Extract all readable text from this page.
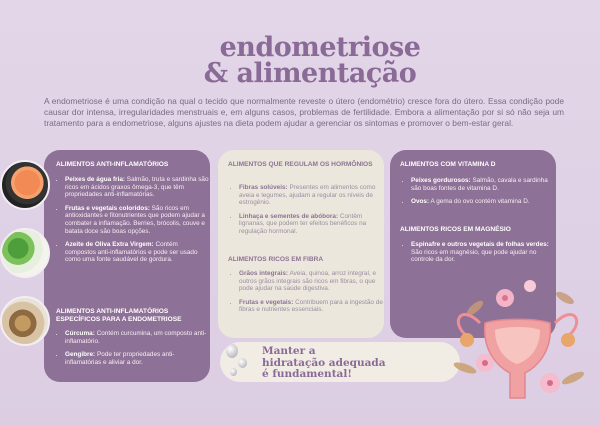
endometriose
& alimentação

A endometriose é uma condição na qual o tecido que normalmente reveste o útero (endométrio) cresce fora do útero. Essa condição pode causar dor intensa, irregularidades menstruais e, em alguns casos, problemas de fertilidade. Embora a alimentação por si só não seja um tratamento para a endometriose, alguns ajustes na dieta podem ajudar a gerenciar os sintomas e promover o bem-estar geral.

ALIMENTOS ANTI-INFLAMATÓRIOS

• Peixes de água fria: Salmão, truta e sardinha são ricos em ácidos graxos ômega-3, que têm propriedades anti-inflamatórias.
• Frutas e vegetais coloridos: São ricos em antioxidantes e fitonutrientes que podem ajudar a combater a inflamação. Berries, brócolis, couve e batata doce são boas opções.
• Azeite de Oliva Extra Virgem: Contém compostos anti-inflamatórios e pode ser usado como uma fonte saudável de gordura.

ALIMENTOS ANTI-INFLAMATÓRIOS ESPECÍFICOS PARA A ENDOMETRIOSE

• Cúrcuma: Contém curcumina, um composto anti-inflamatório.
• Gengibre: Pode ter propriedades anti-inflamatórias e aliviar a dor.

ALIMENTOS QUE REGULAM OS HORMÔNIOS

• Fibras solúveis: Presentes em alimentos como aveia e legumes, ajudam a regular os níveis de estrogênio.
• Linhaça e sementes de abóbora: Contêm lignanas, que podem ter efeitos benéficos na regulação hormonal.

ALIMENTOS RICOS EM FIBRA

• Grãos integrais: Aveia, quinoa, arroz integral, e outros grãos integrais são ricos em fibras, o que pode ajudar na saúde digestiva.
• Frutas e vegetais: Contribuem para a ingestão de fibras e nutrientes essenciais.

ALIMENTOS COM VITAMINA D

• Peixes gordurosos: Salmão, cavala e sardinha são boas fontes de vitamina D.
• Ovos: A gema do ovo contém vitamina D.

ALIMENTOS RICOS EM MAGNÉSIO

• Espinafre e outros vegetais de folhas verdes: São ricos em magnésio, que pode ajudar no controle da dor.

Manter a
hidratação adequada
é fundamental!
